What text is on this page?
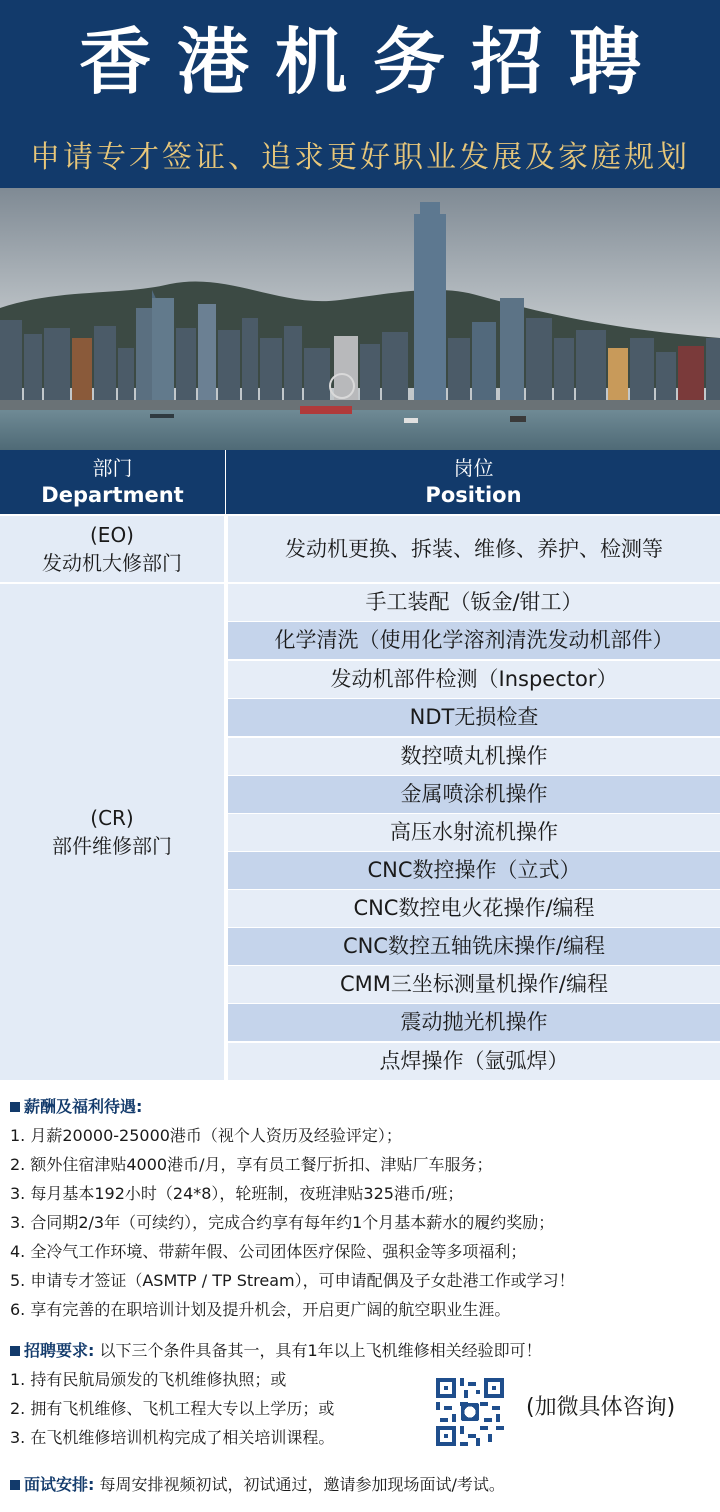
香港机务招聘
申请专才签证、追求更好职业发展及家庭规划
部门
Department
岗位
Position
(EO)
发动机大修部门
发动机更换、拆装、维修、养护、检测等
(CR)
部件维修部门
手工装配（钣金/钳工）
化学清洗（使用化学溶剂清洗发动机部件）
发动机部件检测（Inspector）
NDT无损检查
数控喷丸机操作
金属喷涂机操作
高压水射流机操作
CNC数控操作（立式）
CNC数控电火花操作/编程
CNC数控五轴铣床操作/编程
CMM三坐标测量机操作/编程
震动抛光机操作
点焊操作（氩弧焊）
薪酬及福利待遇:
1. 月薪20000-25000港币（视个人资历及经验评定）；
2. 额外住宿津贴4000港币/月，享有员工餐厅折扣、津贴厂车服务；
3. 每月基本192小时（24*8），轮班制，夜班津贴325港币/班；
3. 合同期2/3年（可续约），完成合约享有每年约1个月基本薪水的履约奖励；
4. 全冷气工作环境、带薪年假、公司团体医疗保险、强积金等多项福利；
5. 申请专才签证（ASMTP / TP Stream），可申请配偶及子女赴港工作或学习！
6. 享有完善的在职培训计划及提升机会，开启更广阔的航空职业生涯。
招聘要求: 以下三个条件具备其一，具有1年以上飞机维修相关经验即可！
1. 持有民航局颁发的飞机维修执照；或
2. 拥有飞机维修、飞机工程大专以上学历；或
3. 在飞机维修培训机构完成了相关培训课程。
(加微具体咨询)
面试安排: 每周安排视频初试，初试通过，邀请参加现场面试/考试。
